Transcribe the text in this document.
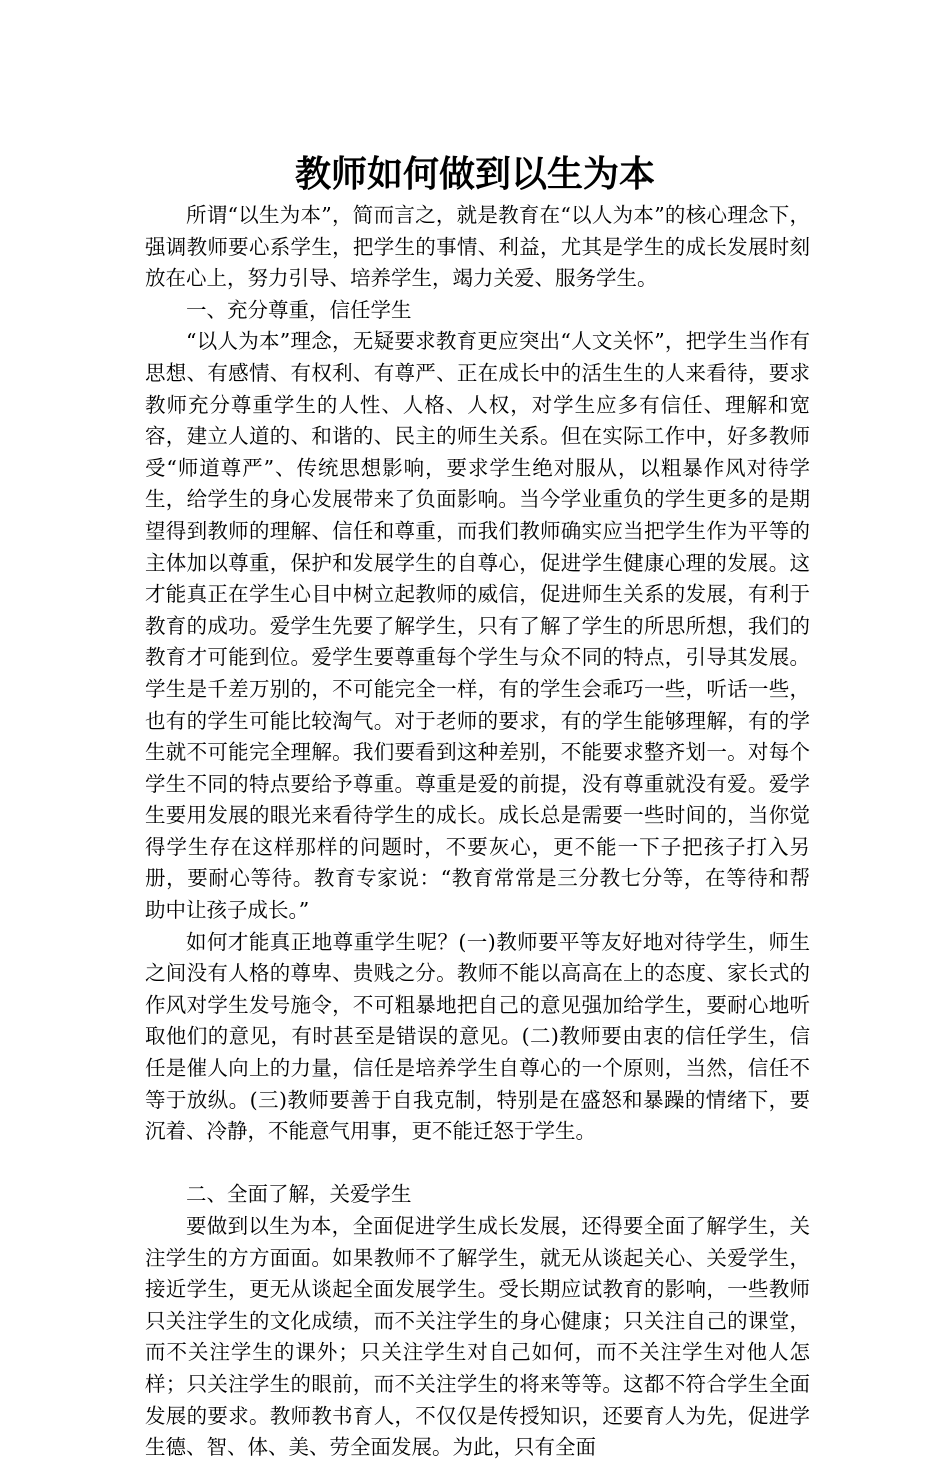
教师如何做到以生为本

所谓“以生为本”，简而言之，就是教育在“以人为本”的核心理念下，强调教师要心系学生，把学生的事情、利益，尤其是学生的成长发展时刻放在心上，努力引导、培养学生，竭力关爱、服务学生。

一、充分尊重，信任学生

“以人为本”理念，无疑要求教育更应突出“人文关怀”，把学生当作有思想、有感情、有权利、有尊严、正在成长中的活生生的人来看待，要求教师充分尊重学生的人性、人格、人权，对学生应多有信任、理解和宽容，建立人道的、和谐的、民主的师生关系。但在实际工作中，好多教师受“师道尊严”、传统思想影响，要求学生绝对服从，以粗暴作风对待学生，给学生的身心发展带来了负面影响。当今学业重负的学生更多的是期望得到教师的理解、信任和尊重，而我们教师确实应当把学生作为平等的主体加以尊重，保护和发展学生的自尊心，促进学生健康心理的发展。这才能真正在学生心目中树立起教师的威信，促进师生关系的发展，有利于教育的成功。爱学生先要了解学生，只有了解了学生的所思所想，我们的教育才可能到位。爱学生要尊重每个学生与众不同的特点，引导其发展。学生是千差万别的，不可能完全一样，有的学生会乖巧一些，听话一些，也有的学生可能比较淘气。对于老师的要求，有的学生能够理解，有的学生就不可能完全理解。我们要看到这种差别，不能要求整齐划一。对每个学生不同的特点要给予尊重。尊重是爱的前提，没有尊重就没有爱。爱学生要用发展的眼光来看待学生的成长。成长总是需要一些时间的，当你觉得学生存在这样那样的问题时，不要灰心，更不能一下子把孩子打入另册，要耐心等待。教育专家说：“教育常常是三分教七分等，在等待和帮助中让孩子成长。”

如何才能真正地尊重学生呢？(一)教师要平等友好地对待学生，师生之间没有人格的尊卑、贵贱之分。教师不能以高高在上的态度、家长式的作风对学生发号施令，不可粗暴地把自己的意见强加给学生，要耐心地听取他们的意见，有时甚至是错误的意见。(二)教师要由衷的信任学生，信任是催人向上的力量，信任是培养学生自尊心的一个原则，当然，信任不等于放纵。(三)教师要善于自我克制，特别是在盛怒和暴躁的情绪下，要沉着、冷静，不能意气用事，更不能迁怒于学生。

二、全面了解，关爱学生

要做到以生为本，全面促进学生成长发展，还得要全面了解学生，关注学生的方方面面。如果教师不了解学生，就无从谈起关心、关爱学生，接近学生，更无从谈起全面发展学生。受长期应试教育的影响，一些教师只关注学生的文化成绩，而不关注学生的身心健康；只关注自己的课堂，而不关注学生的课外；只关注学生对自己如何，而不关注学生对他人怎样；只关注学生的眼前，而不关注学生的将来等等。这都不符合学生全面发展的要求。教师教书育人，不仅仅是传授知识，还要育人为先，促进学生德、智、体、美、劳全面发展。为此，只有全面
